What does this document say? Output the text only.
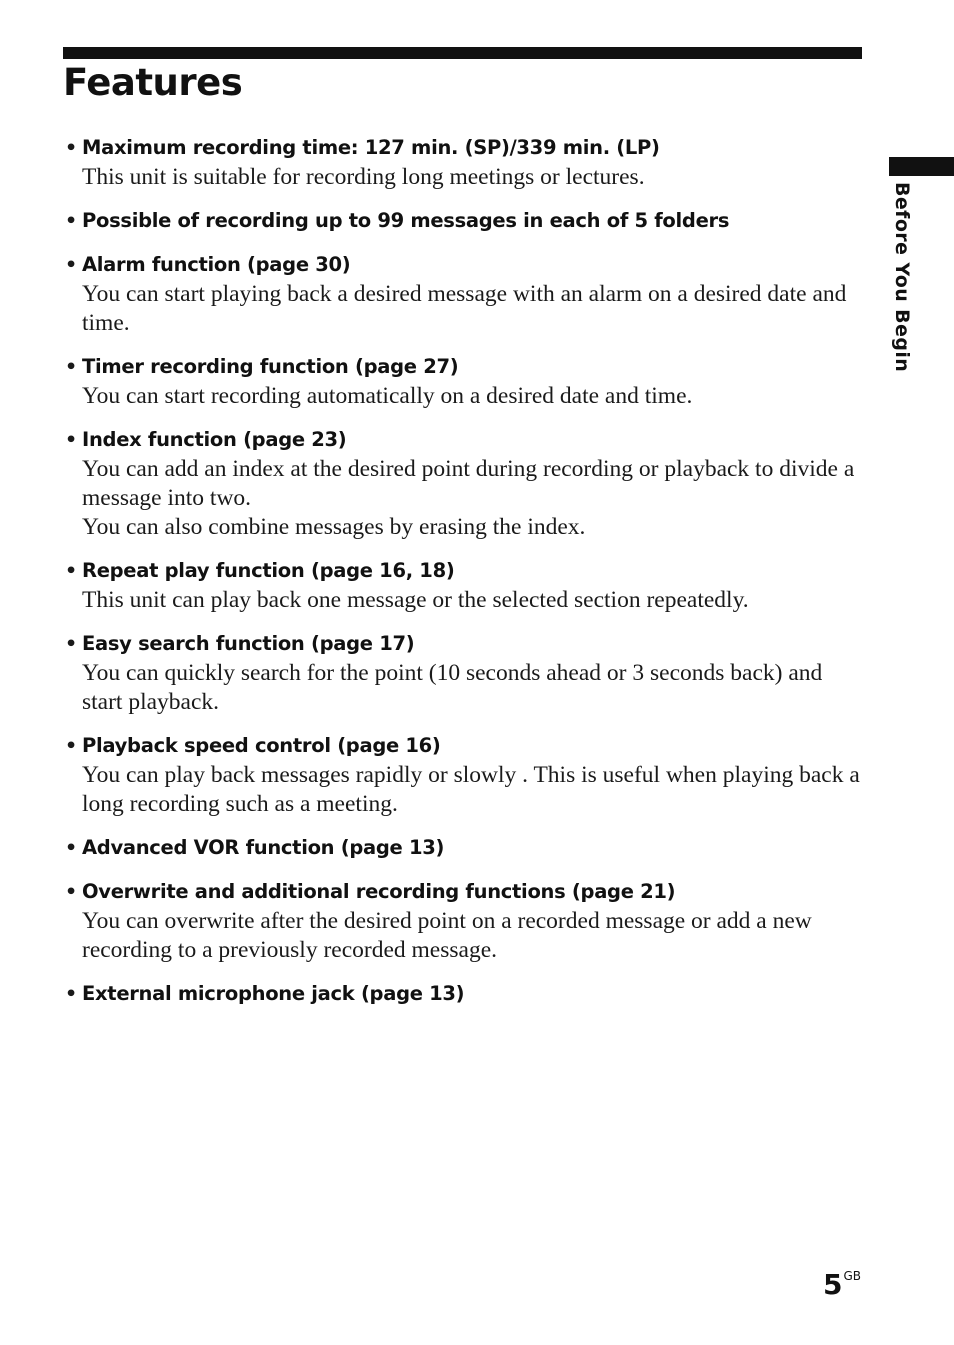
Features
• Maximum recording time: 127 min. (SP)/339 min. (LP)

This unit is suitable for recording long meetings or lectures.

• Possible of recording up to 99 messages in each of 5 folders
• Alarm function (page 30)

You can start playing back a desired message with an alarm on a desired date and time.

• Timer recording function (page 27)

You can start recording automatically on a desired date and time.

• Index function (page 23)

You can add an index at the desired point during recording or playback to divide a message into two.

You can also combine messages by erasing the index.

• Repeat play function (page 16, 18)

This unit can play back one message or the selected section repeatedly.

• Easy search function (page 17)

You can quickly search for the point (10 seconds ahead or 3 seconds back) and start playback.

• Playback speed control (page 16)

You can play back messages rapidly or slowly . This is useful when playing back a long recording such as a meeting.

• Advanced VOR function (page 13)
• Overwrite and additional recording functions (page 21)

You can overwrite after the desired point on a recorded message or add a new recording to a previously recorded message.

• External microphone jack (page 13)
Before You Begin
$5^{GB}$
